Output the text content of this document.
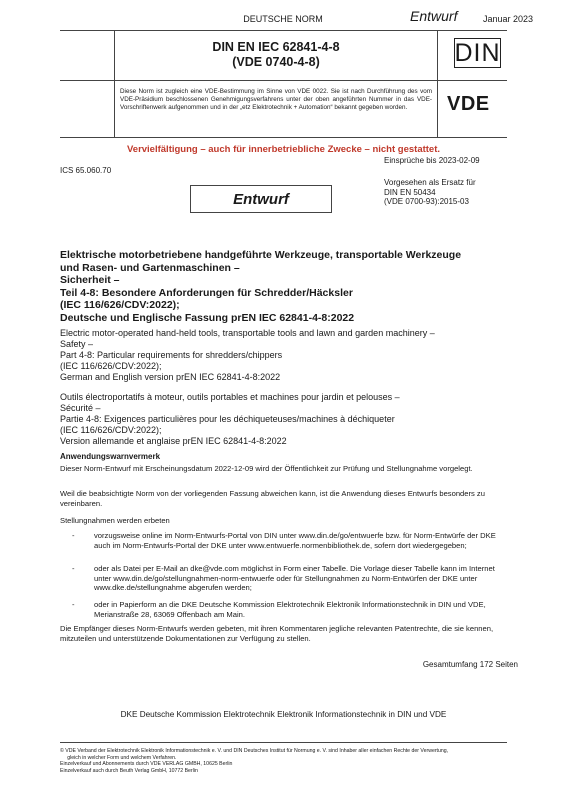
DEUTSCHE NORM	Entwurf	Januar 2023
DIN EN IEC 62841-4-8
(VDE 0740-4-8)	DIN
Diese Norm ist zugleich eine VDE-Bestimmung im Sinne von VDE 0022. Sie ist nach Durchführung des vom VDE-Präsidium beschlossenen Genehmigungsverfahrens unter der oben angeführten Nummer in das VDE-Vorschriftenwerk aufgenommen und in der „etz Elektrotechnik + Automation“ bekannt gegeben worden.	VDE
Vervielfältigung – auch für innerbetriebliche Zwecke – nicht gestattet.
Einsprüche bis 2023-02-09
ICS 65.060.70
Vorgesehen als Ersatz für
DIN EN 50434
(VDE 0700-93):2015-03
Entwurf
Elektrische motorbetriebene handgeführte Werkzeuge, transportable Werkzeuge
und Rasen- und Gartenmaschinen –
Sicherheit –
Teil 4-8: Besondere Anforderungen für Schredder/Häcksler
(IEC 116/626/CDV:2022);
Deutsche und Englische Fassung prEN IEC 62841-4-8:2022
Electric motor-operated hand-held tools, transportable tools and lawn and garden machinery –
Safety –
Part 4-8: Particular requirements for shredders/chippers
(IEC 116/626/CDV:2022);
German and English version prEN IEC 62841-4-8:2022
Outils électroportatifs à moteur, outils portables et machines pour jardin et pelouses –
Sécurité –
Partie 4-8: Exigences particulières pour les déchiqueteuses/machines à déchiqueter
(IEC 116/626/CDV:2022);
Version allemande et anglaise prEN IEC 62841-4-8:2022
Anwendungswarnvermerk
Dieser Norm-Entwurf mit Erscheinungsdatum 2022-12-09 wird der Öffentlichkeit zur Prüfung und Stellungnahme vorgelegt.
Weil die beabsichtigte Norm von der vorliegenden Fassung abweichen kann, ist die Anwendung dieses Entwurfs besonders zu vereinbaren.
Stellungnahmen werden erbeten
-	vorzugsweise online im Norm-Entwurfs-Portal von DIN unter www.din.de/go/entwuerfe bzw. für Norm-Entwürfe der DKE auch im Norm-Entwurfs-Portal der DKE unter www.entwuerfe.normenbibliothek.de, sofern dort wiedergegeben;
-	oder als Datei per E-Mail an dke@vde.com möglichst in Form einer Tabelle. Die Vorlage dieser Tabelle kann im Internet unter www.din.de/go/stellungnahmen-norm-entwuerfe oder für Stellungnahmen zu Norm-Entwürfen der DKE unter www.dke.de/stellungnahme abgerufen werden;
-	oder in Papierform an die DKE Deutsche Kommission Elektrotechnik Elektronik Informationstechnik in DIN und VDE, Merianstraße 28, 63069 Offenbach am Main.
Die Empfänger dieses Norm-Entwurfs werden gebeten, mit ihren Kommentaren jegliche relevanten Patentrechte, die sie kennen, mitzuteilen und unterstützende Dokumentationen zur Verfügung zu stellen.
Gesamtumfang 172 Seiten
DKE Deutsche Kommission Elektrotechnik Elektronik Informationstechnik in DIN und VDE
© VDE Verband der Elektrotechnik Elektronik Informationstechnik e. V. und DIN Deutsches Institut für Normung e. V. sind Inhaber aller einfachen Rechte der Verwertung,
gleich in welcher Form und welchem Verfahren.
Einzelverkauf und Abonnements durch VDE VERLAG GMBH, 10625 Berlin
Einzelverkauf auch durch Beuth Verlag GmbH, 10772 Berlin
